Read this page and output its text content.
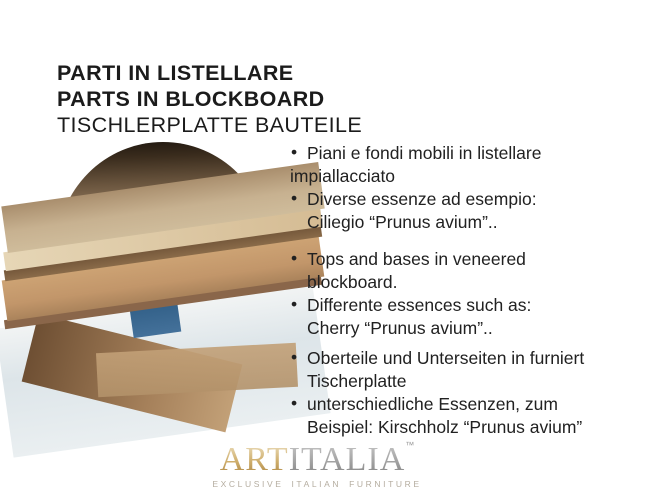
PARTI IN LISTELLARE
PARTS IN BLOCKBOARD
TISCHLERPLATTE BAUTEILE
• Piani e fondi mobili in listellare
impiallacciato
• Diverse essenze ad esempio:
Ciliegio “Prunus avium”..
• Tops and bases in veneered
blockboard.
• Differente essences such as:
Cherry “Prunus avium”..
• Oberteile und Unterseiten in furniert
Tischerplatte
• unterschiedliche Essenzen, zum
Beispiel: Kirschholz “Prunus avium”
ARTITALIA™
EXCLUSIVE ITALIAN FURNITURE
